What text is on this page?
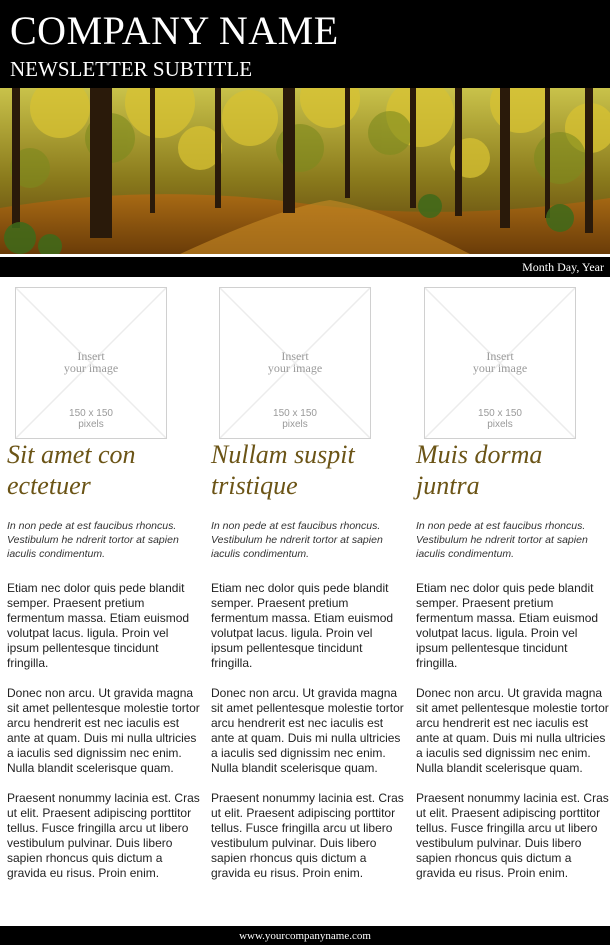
COMPANY NAME
NEWSLETTER SUBTITLE
Month Day, Year
Insert
your image
150 x 150
pixels
Sit amet con ectetuer
In non pede at est faucibus rhoncus. Vestibulum he ndrerit tortor at sapien iaculis condimentum.

Etiam nec dolor quis pede blandit semper. Praesent pretium fermentum massa. Etiam euismod volutpat lacus. ligula. Proin vel ipsum pellentesque tincidunt fringilla.

Donec non arcu. Ut gravida magna sit amet pellentesque molestie tortor arcu hendrerit est nec iaculis est ante at quam. Duis mi nulla ultricies a iaculis sed dignissim nec enim. Nulla blandit scelerisque quam.

Praesent nonummy lacinia est. Cras ut elit. Praesent adipiscing porttitor tellus. Fusce fringilla arcu ut libero vestibulum pulvinar. Duis libero sapien rhoncus quis dictum a gravida eu risus. Proin enim.

Insert
your image
150 x 150
pixels
Nullam suspit tristique
In non pede at est faucibus rhoncus. Vestibulum he ndrerit tortor at sapien iaculis condimentum.

Etiam nec dolor quis pede blandit semper. Praesent pretium fermentum massa. Etiam euismod volutpat lacus. ligula. Proin vel ipsum pellentesque tincidunt fringilla.

Donec non arcu. Ut gravida magna sit amet pellentesque molestie tortor arcu hendrerit est nec iaculis est ante at quam. Duis mi nulla ultricies a iaculis sed dignissim nec enim. Nulla blandit scelerisque quam.

Praesent nonummy lacinia est. Cras ut elit. Praesent adipiscing porttitor tellus. Fusce fringilla arcu ut libero vestibulum pulvinar. Duis libero sapien rhoncus quis dictum a gravida eu risus. Proin enim.

Insert
your image
150 x 150
pixels
Muis dorma juntra
In non pede at est faucibus rhoncus. Vestibulum he ndrerit tortor at sapien iaculis condimentum.

Etiam nec dolor quis pede blandit semper. Praesent pretium fermentum massa. Etiam euismod volutpat lacus. ligula. Proin vel ipsum pellentesque tincidunt fringilla.

Donec non arcu. Ut gravida magna sit amet pellentesque molestie tortor arcu hendrerit est nec iaculis est ante at quam. Duis mi nulla ultricies a iaculis sed dignissim nec enim. Nulla blandit scelerisque quam.

Praesent nonummy lacinia est. Cras ut elit. Praesent adipiscing porttitor tellus. Fusce fringilla arcu ut libero vestibulum pulvinar. Duis libero sapien rhoncus quis dictum a gravida eu risus. Proin enim.

www.yourcompanyname.com
